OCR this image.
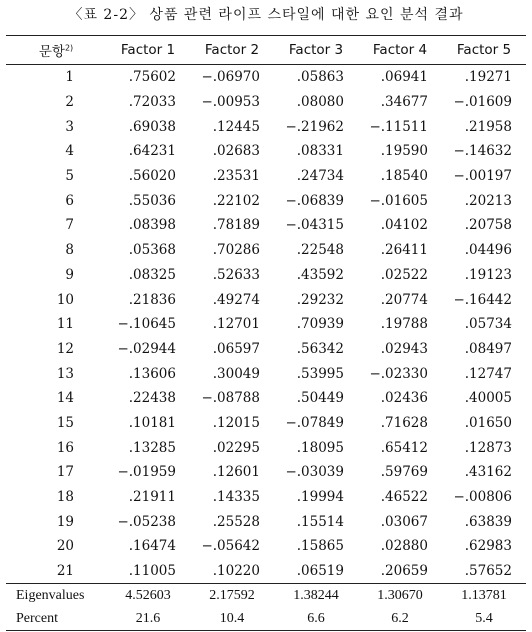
〈표 2-2〉 상품 관련 라이프 스타일에 대한 요인 분석 결과
문항$^{2)}$	Factor 1	Factor 2	Factor 3	Factor 4	Factor 5
1	.75602	−.06970	.05863	.06941	.19271
2	.72033	−.00953	.08080	.34677	−.01609
3	.69038	.12445	−.21962	−.11511	.21958
4	.64231	.02683	.08331	.19590	−.14632
5	.56020	.23531	.24734	.18540	−.00197
6	.55036	.22102	−.06839	−.01605	.20213
7	.08398	.78189	−.04315	.04102	.20758
8	.05368	.70286	.22548	.26411	.04496
9	.08325	.52633	.43592	.02522	.19123
10	.21836	.49274	.29232	.20774	−.16442
11	−.10645	.12701	.70939	.19788	.05734
12	−.02944	.06597	.56342	.02943	.08497
13	.13606	.30049	.53995	−.02330	.12747
14	.22438	−.08788	.50449	.02436	.40005
15	.10181	.12015	−.07849	.71628	.01650
16	.13285	.02295	.18095	.65412	.12873
17	−.01959	.12601	−.03039	.59769	.43162
18	.21911	.14335	.19994	.46522	−.00806
19	−.05238	.25528	.15514	.03067	.63839
20	.16474	−.05642	.15865	.02880	.62983
21	.11005	.10220	.06519	.20659	.57652
Eigenvalues	4.52603	2.17592	1.38244	1.30670	1.13781
Percent	21.6	10.4	6.6	6.2	5.4
